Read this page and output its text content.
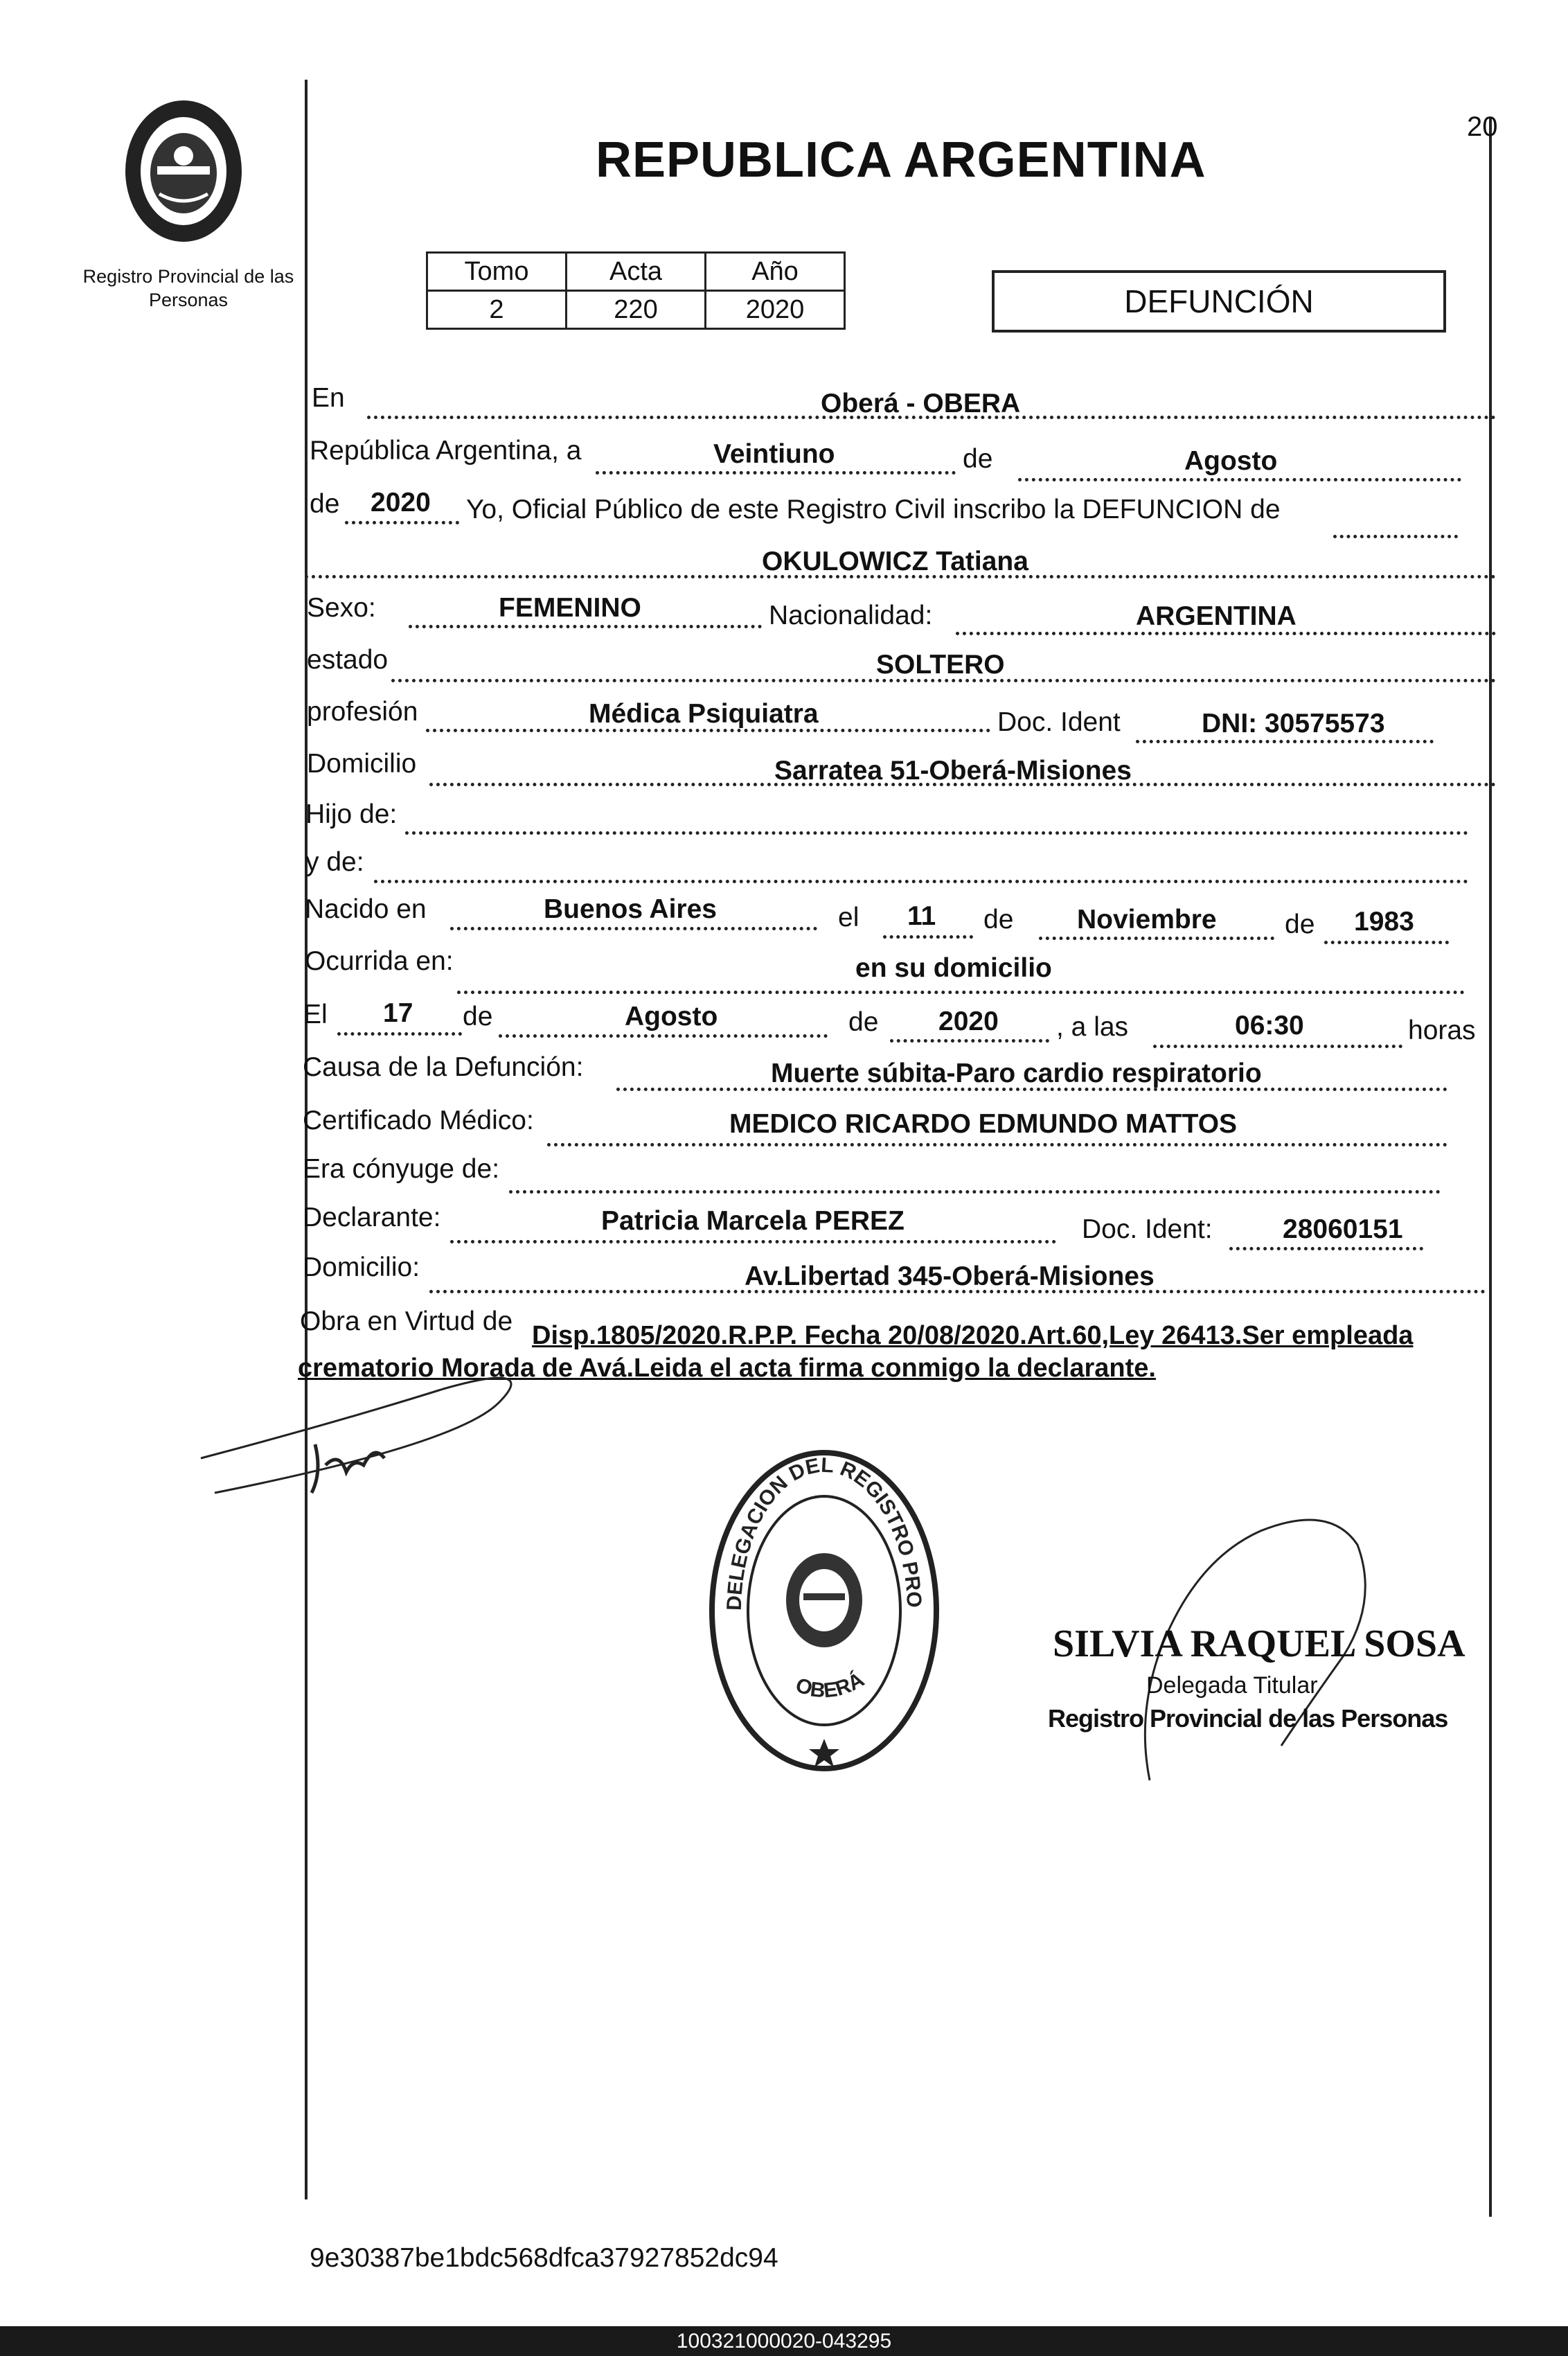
Registro Provincial de las Personas
20
REPUBLICA ARGENTINA
Tomo	Acta	Año
2	220	2020	DEFUNCIÓN
En	Oberá - OBERA
República Argentina, a	Veintiuno	de	Agosto
de 2020 Yo, Oficial Público de este Registro Civil inscribo la DEFUNCION de
OKULOWICZ Tatiana
Sexo:	FEMENINO	Nacionalidad:	ARGENTINA
estado	SOLTERO
profesión	Médica Psiquiatra	Doc. Ident	DNI: 30575573
Domicilio	Sarratea 51-Oberá-Misiones
Hijo de:
y de:
Nacido en	Buenos Aires	el 11 de Noviembre	de 1983
Ocurrida en:	en su domicilio
El 17 de	Agosto	de 2020 , a las	06:30	horas
Causa de la Defunción:	Muerte súbita-Paro cardio respiratorio
Certificado Médico:	MEDICO RICARDO EDMUNDO MATTOS
Era cónyuge de:
Declarante:	Patricia Marcela PEREZ	Doc. Ident:	28060151
Domicilio:	Av.Libertad 345-Oberá-Misiones
Obra en Virtud de Disp.1805/2020.R.P.P. Fecha 20/08/2020.Art.60,Ley 26413.Ser empleada
crematorio Morada de Avá.Leida el acta firma conmigo la declarante.
DELEGACION DEL REGISTRO PRO
OBERÁ
SILVIA RAQUEL SOSA
Delegada Titular
Registro Provincial de las Personas
9e30387be1bdc568dfca37927852dc94
100321000020-043295
